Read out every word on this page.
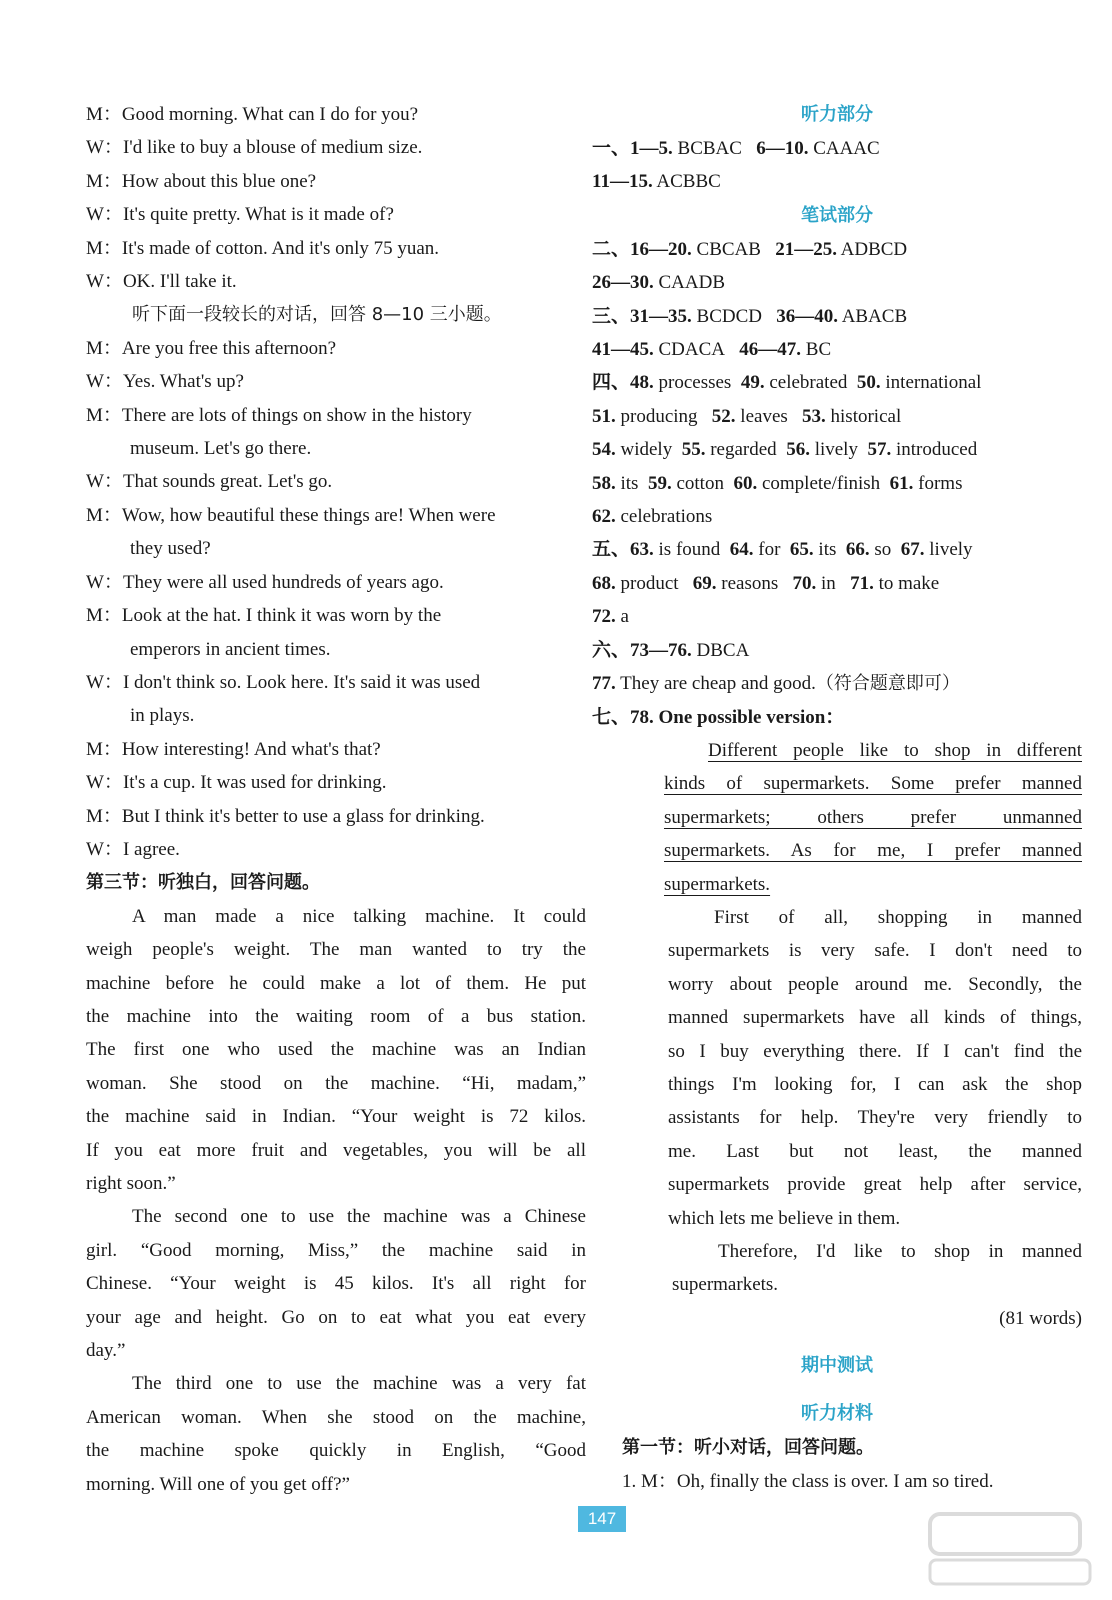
M：Good morning. What can I do for you?
W：I'd like to buy a blouse of medium size.
M：How about this blue one?
W：It's quite pretty. What is it made of?
M：It's made of cotton. And it's only 75 yuan.
W：OK. I'll take it.
听下面一段较长的对话，回答 8—10 三小题。
M：Are you free this afternoon?
W：Yes. What's up?
M：There are lots of things on show in the history
museum. Let's go there.
W：That sounds great. Let's go.
M：Wow, how beautiful these things are! When were
they used?
W：They were all used hundreds of years ago.
M：Look at the hat. I think it was worn by the
emperors in ancient times.
W：I don't think so. Look here. It's said it was used
in plays.
M：How interesting! And what's that?
W：It's a cup. It was used for drinking.
M：But I think it's better to use a glass for drinking.
W：I agree.
第三节：听独白，回答问题。
A man made a nice talking machine. It could
weigh people's weight. The man wanted to try the
machine before he could make a lot of them. He put
the machine into the waiting room of a bus station.
The first one who used the machine was an Indian
woman. She stood on the machine. “Hi, madam,”
the machine said in Indian. “Your weight is 72 kilos.
If you eat more fruit and vegetables, you will be all
right soon.”
The second one to use the machine was a Chinese
girl. “Good morning, Miss,” the machine said in
Chinese. “Your weight is 45 kilos. It's all right for
your age and height. Go on to eat what you eat every
day.”
The third one to use the machine was a very fat
American woman. When she stood on the machine,
the machine spoke quickly in English, “Good
morning. Will one of you get off?”
听力部分
一、1—5. BCBAC 6—10. CAAAC
11—15. ACBBC
笔试部分
二、16—20. CBCAB 21—25. ADBCD
26—30. CAADB
三、31—35. BCDCD 36—40. ABACB
41—45. CDACA 46—47. BC
四、48. processes 49. celebrated 50. international
51. producing 52. leaves 53. historical
54. widely 55. regarded 56. lively 57. introduced
58. its 59. cotton 60. complete/finish 61. forms
62. celebrations
五、63. is found 64. for 65. its 66. so 67. lively
68. product 69. reasons 70. in 71. to make
72. a
六、73—76. DBCA
77. They are cheap and good.（符合题意即可）
七、78. One possible version：
Different people like to shop in different
kinds of supermarkets. Some prefer manned
supermarkets; others prefer unmanned
supermarkets. As for me, I prefer manned
supermarkets.
First of all, shopping in manned
supermarkets is very safe. I don't need to
worry about people around me. Secondly, the
manned supermarkets have all kinds of things,
so I buy everything there. If I can't find the
things I'm looking for, I can ask the shop
assistants for help. They're very friendly to
me. Last but not least, the manned
supermarkets provide great help after service,
which lets me believe in them.
Therefore, I'd like to shop in manned
supermarkets.
(81 words)
期中测试
听力材料
第一节：听小对话，回答问题。
1. M：Oh, finally the class is over. I am so tired.
147
